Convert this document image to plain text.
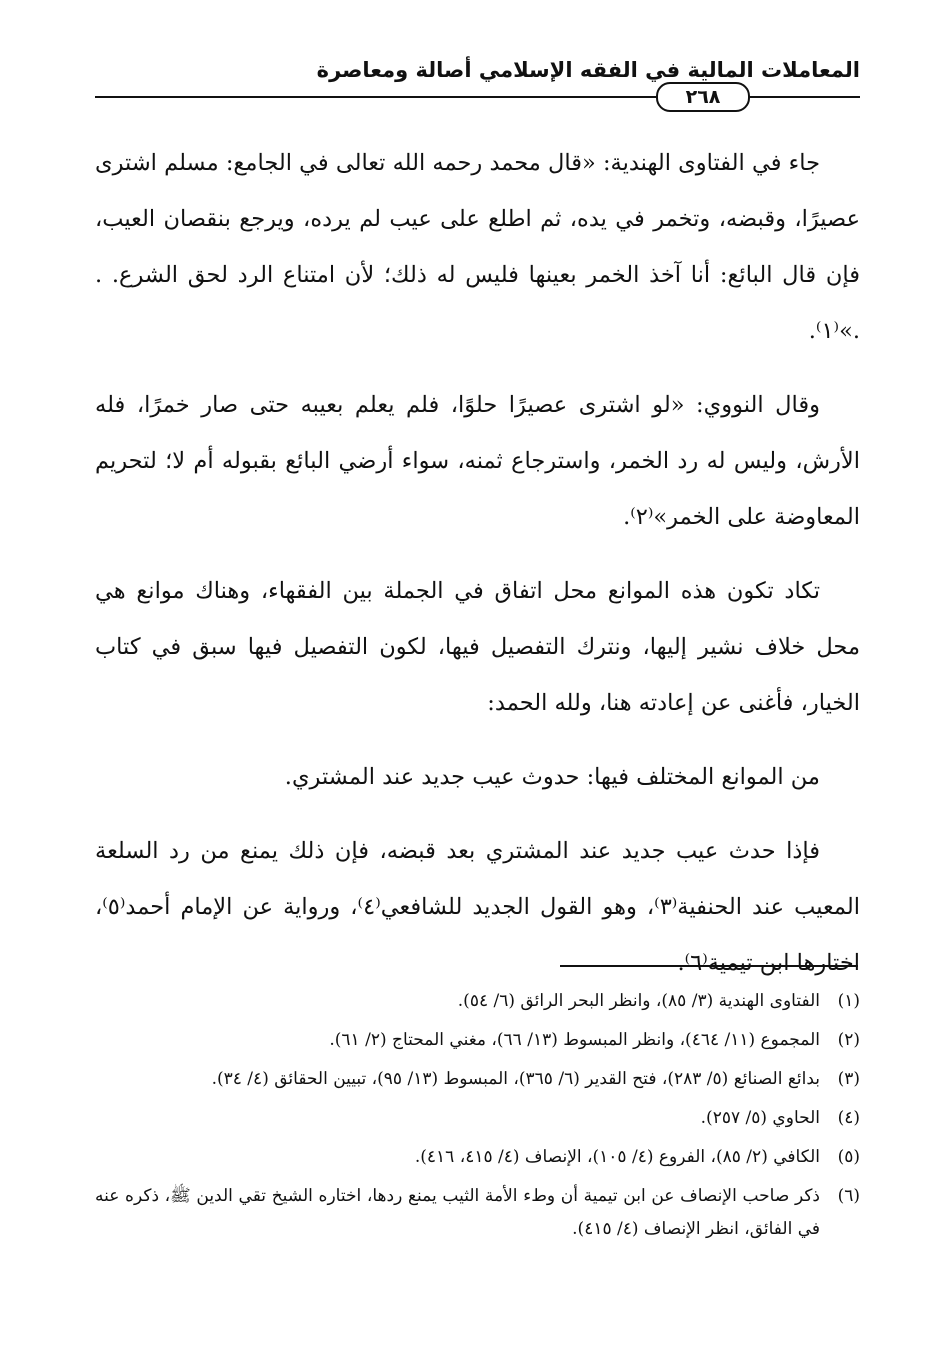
المعاملات المالية في الفقه الإسلامي أصالة ومعاصرة
٢٦٨

جاء في الفتاوى الهندية: «قال محمد رحمه الله تعالى في الجامع: مسلم اشترى عصيرًا، وقبضه، وتخمر في يده، ثم اطلع على عيب لم يرده، ويرجع بنقصان العيب، فإن قال البائع: أنا آخذ الخمر بعينها فليس له ذلك؛ لأن امتناع الرد لحق الشرع. . .»⁽١⁾.

وقال النووي: «لو اشترى عصيرًا حلوًا، فلم يعلم بعيبه حتى صار خمرًا، فله الأرش، وليس له رد الخمر، واسترجاع ثمنه، سواء أرضي البائع بقبوله أم لا؛ لتحريم المعاوضة على الخمر»⁽٢⁾.

تكاد تكون هذه الموانع محل اتفاق في الجملة بين الفقهاء، وهناك موانع هي محل خلاف نشير إليها، ونترك التفصيل فيها، لكون التفصيل فيها سبق في كتاب الخيار، فأغنى عن إعادته هنا، ولله الحمد:

من الموانع المختلف فيها: حدوث عيب جديد عند المشتري.

فإذا حدث عيب جديد عند المشتري بعد قبضه، فإن ذلك يمنع من رد السلعة المعيب عند الحنفية⁽٣⁾، وهو القول الجديد للشافعي⁽٤⁾، ورواية عن الإمام أحمد⁽٥⁾، اختارها ابن تيمية⁽٦⁾.

(١)
الفتاوى الهندية (٣/ ٨٥)، وانظر البحر الرائق (٦/ ٥٤).
(٢)
المجموع (١١/ ٤٦٤)، وانظر المبسوط (١٣/ ٦٦)، مغني المحتاج (٢/ ٦١).
(٣)
بدائع الصنائع (٥/ ٢٨٣)، فتح القدير (٦/ ٣٦٥)، المبسوط (١٣/ ٩٥)، تبيين الحقائق (٤/ ٣٤).
(٤)
الحاوي (٥/ ٢٥٧).
(٥)
الكافي (٢/ ٨٥)، الفروع (٤/ ١٠٥)، الإنصاف (٤/ ٤١٥، ٤١٦).
(٦)
ذكر صاحب الإنصاف عن ابن تيمية أن وطء الأمة الثيب يمنع ردها، اختاره الشيخ تقي الدين ﷺ، ذكره عنه في الفائق، انظر الإنصاف (٤/ ٤١٥).
